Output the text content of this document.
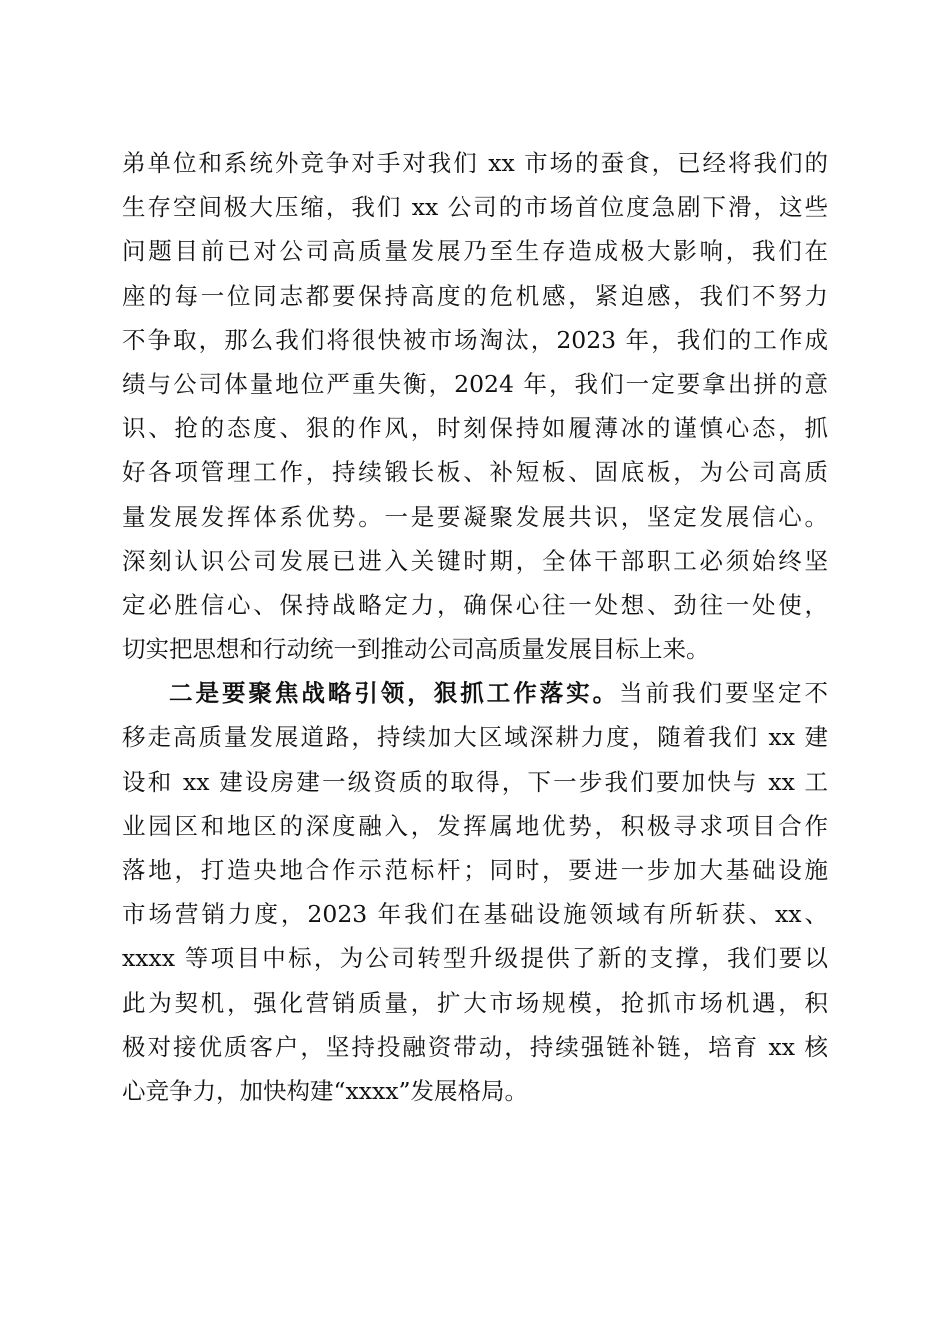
弟单位和系统外竞争对手对我们 xx 市场的蚕食，已经将我们的
生存空间极大压缩，我们 xx 公司的市场首位度急剧下滑，这些
问题目前已对公司高质量发展乃至生存造成极大影响，我们在
座的每一位同志都要保持高度的危机感，紧迫感，我们不努力
不争取，那么我们将很快被市场淘汰，2023 年，我们的工作成
绩与公司体量地位严重失衡，2024 年，我们一定要拿出拼的意
识、抢的态度、狠的作风，时刻保持如履薄冰的谨慎心态，抓
好各项管理工作，持续锻长板、补短板、固底板，为公司高质
量发展发挥体系优势。一是要凝聚发展共识，坚定发展信心。
深刻认识公司发展已进入关键时期，全体干部职工必须始终坚
定必胜信心、保持战略定力，确保心往一处想、劲往一处使，
切实把思想和行动统一到推动公司高质量发展目标上来。
二是要聚焦战略引领，狠抓工作落实。当前我们要坚定不
移走高质量发展道路，持续加大区域深耕力度，随着我们 xx 建
设和 xx 建设房建一级资质的取得，下一步我们要加快与 xx 工
业园区和地区的深度融入，发挥属地优势，积极寻求项目合作
落地，打造央地合作示范标杆；同时，要进一步加大基础设施
市场营销力度，2023 年我们在基础设施领域有所斩获、xx、
xxxx 等项目中标，为公司转型升级提供了新的支撑，我们要以
此为契机，强化营销质量，扩大市场规模，抢抓市场机遇，积
极对接优质客户，坚持投融资带动，持续强链补链，培育 xx 核
心竞争力，加快构建“xxxx”发展格局。
